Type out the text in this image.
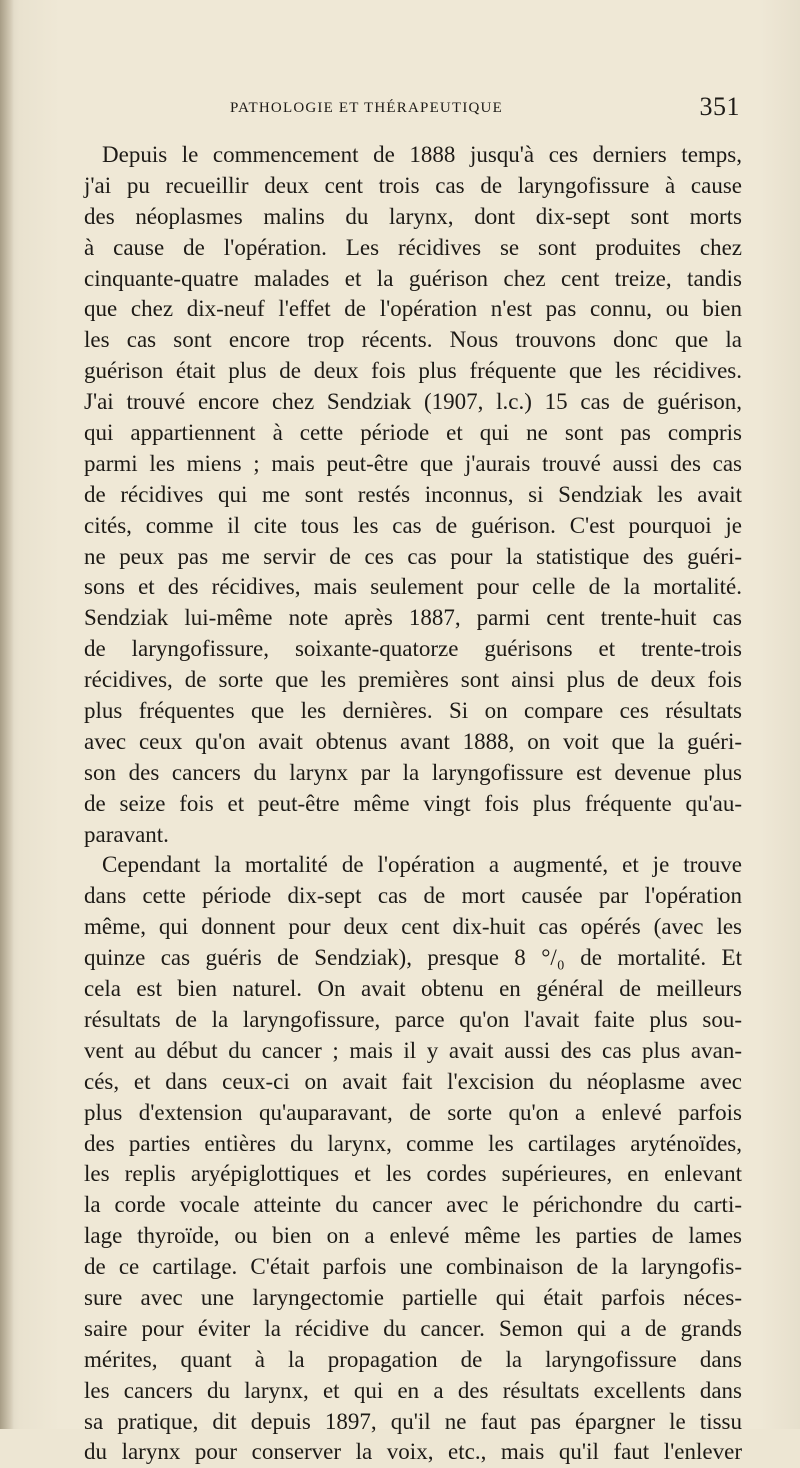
PATHOLOGIE ET THÉRAPEUTIQUE	351
Depuis le commencement de 1888 jusqu'à ces derniers temps,
j'ai pu recueillir deux cent trois cas de laryngofissure à cause
des néoplasmes malins du larynx, dont dix-sept sont morts
à cause de l'opération. Les récidives se sont produites chez
cinquante-quatre malades et la guérison chez cent treize, tandis
que chez dix-neuf l'effet de l'opération n'est pas connu, ou bien
les cas sont encore trop récents. Nous trouvons donc que la
guérison était plus de deux fois plus fréquente que les récidives.
J'ai trouvé encore chez Sendziak (1907, l.c.) 15 cas de guérison,
qui appartiennent à cette période et qui ne sont pas compris
parmi les miens ; mais peut-être que j'aurais trouvé aussi des cas
de récidives qui me sont restés inconnus, si Sendziak les avait
cités, comme il cite tous les cas de guérison. C'est pourquoi je
ne peux pas me servir de ces cas pour la statistique des guéri-
sons et des récidives, mais seulement pour celle de la mortalité.
Sendziak lui-même note après 1887, parmi cent trente-huit cas
de laryngofissure, soixante-quatorze guérisons et trente-trois
récidives, de sorte que les premières sont ainsi plus de deux fois
plus fréquentes que les dernières. Si on compare ces résultats
avec ceux qu'on avait obtenus avant 1888, on voit que la guéri-
son des cancers du larynx par la laryngofissure est devenue plus
de seize fois et peut-être même vingt fois plus fréquente qu'au-
paravant.
Cependant la mortalité de l'opération a augmenté, et je trouve
dans cette période dix-sept cas de mort causée par l'opération
même, qui donnent pour deux cent dix-huit cas opérés (avec les
quinze cas guéris de Sendziak), presque 8 °/₀ de mortalité. Et
cela est bien naturel. On avait obtenu en général de meilleurs
résultats de la laryngofissure, parce qu'on l'avait faite plus sou-
vent au début du cancer ; mais il y avait aussi des cas plus avan-
cés, et dans ceux-ci on avait fait l'excision du néoplasme avec
plus d'extension qu'auparavant, de sorte qu'on a enlevé parfois
des parties entières du larynx, comme les cartilages aryténoïdes,
les replis aryépiglottiques et les cordes supérieures, en enlevant
la corde vocale atteinte du cancer avec le périchondre du carti-
lage thyroïde, ou bien on a enlevé même les parties de lames
de ce cartilage. C'était parfois une combinaison de la laryngofis-
sure avec une laryngectomie partielle qui était parfois néces-
saire pour éviter la récidive du cancer. Semon qui a de grands
mérites, quant à la propagation de la laryngofissure dans
les cancers du larynx, et qui en a des résultats excellents dans
sa pratique, dit depuis 1897, qu'il ne faut pas épargner le tissu
du larynx pour conserver la voix, etc., mais qu'il faut l'enlever
